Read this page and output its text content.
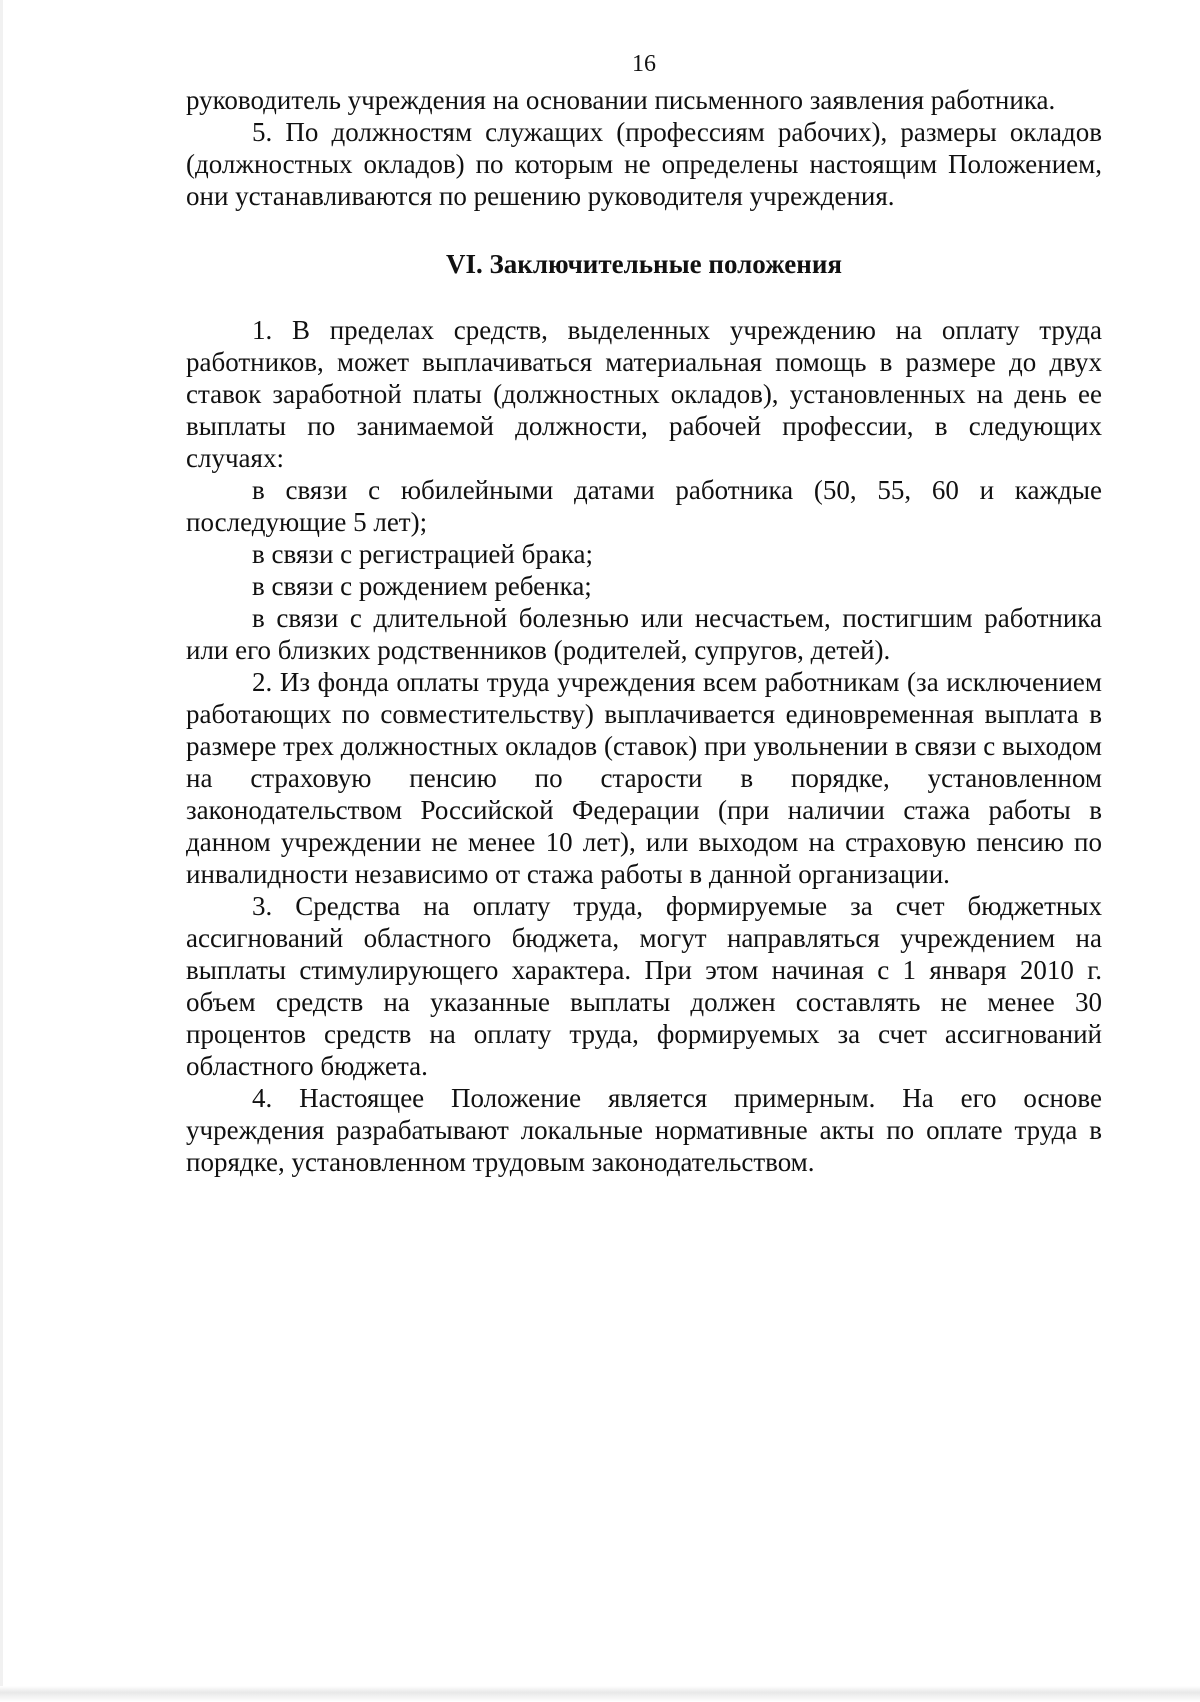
16

руководитель учреждения на основании письменного заявления работника.

5. По должностям служащих (профессиям рабочих), размеры окладов (должностных окладов) по которым не определены настоящим Положением, они устанавливаются по решению руководителя учреждения.

VI. Заключительные положения

1. В пределах средств, выделенных учреждению на оплату труда работников, может выплачиваться материальная помощь в размере до двух ставок заработной платы (должностных окладов), установленных на день ее выплаты по занимаемой должности, рабочей профессии, в следующих случаях:

в связи с юбилейными датами работника (50, 55, 60 и каждые последующие 5 лет);

в связи с регистрацией брака;

в связи с рождением ребенка;

в связи с длительной болезнью или несчастьем, постигшим работника или его близких родственников (родителей, супругов, детей).

2. Из фонда оплаты труда учреждения всем работникам (за исключением работающих по совместительству) выплачивается единовременная выплата в размере трех должностных окладов (ставок) при увольнении в связи с выходом на страховую пенсию по старости в порядке, установленном законодательством Российской Федерации (при наличии стажа работы в данном учреждении не менее 10 лет), или выходом на страховую пенсию по инвалидности независимо от стажа работы в данной организации.

3. Средства на оплату труда, формируемые за счет бюджетных ассигнований областного бюджета, могут направляться учреждением на выплаты стимулирующего характера. При этом начиная с 1 января 2010 г. объем средств на указанные выплаты должен составлять не менее 30 процентов средств на оплату труда, формируемых за счет ассигнований областного бюджета.

4. Настоящее Положение является примерным. На его основе учреждения разрабатывают локальные нормативные акты по оплате труда в порядке, установленном трудовым законодательством.
